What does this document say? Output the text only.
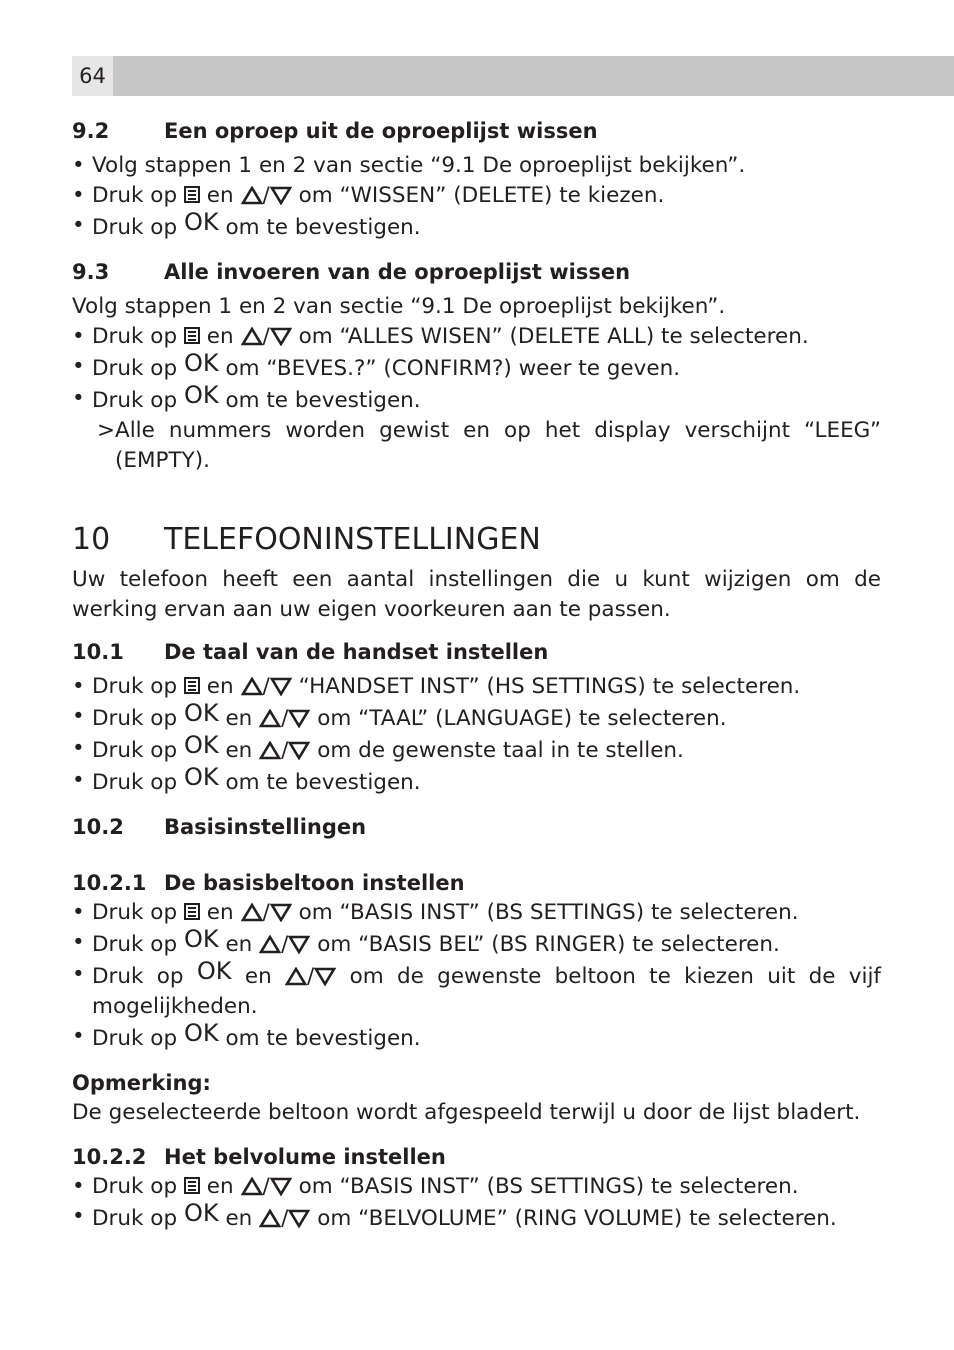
64
9.2	Een oproep uit de oproeplijst wissen
• Volg stappen 1 en 2 van sectie “9.1 De oproeplijst bekijken”.
• Druk op en / om “WISSEN” (DELETE) te kiezen.
• Druk op OK om te bevestigen.
9.3	Alle invoeren van de oproeplijst wissen

Volg stappen 1 en 2 van sectie “9.1 De oproeplijst bekijken”.

• Druk op en / om “ALLES WISEN” (DELETE ALL) te selecteren.
• Druk op OK om “BEVES.?” (CONFIRM?) weer te geven.
• Druk op OK om te bevestigen.
> Alle nummers worden gewist en op het display verschijnt “LEEG” (EMPTY).
10 TELEFOONINSTELLINGEN

Uw telefoon heeft een aantal instellingen die u kunt wijzigen om de werking ervan aan uw eigen voorkeuren aan te passen.

10.1 De taal van de handset instellen
• Druk op en / “HANDSET INST” (HS SETTINGS) te selecteren.
• Druk op OK en / om “TAAL” (LANGUAGE) te selecteren.
• Druk op OK en / om de gewenste taal in te stellen.
• Druk op OK om te bevestigen.
10.2 Basisinstellingen
10.2.1 De basisbeltoon instellen
• Druk op en / om “BASIS INST” (BS SETTINGS) te selecteren.
• Druk op OK en / om “BASIS BEL” (BS RINGER) te selecteren.
• Druk op OK en / om de gewenste beltoon te kiezen uit de vijf mogelijkheden.
• Druk op OK om te bevestigen.
Opmerking:

De geselecteerde beltoon wordt afgespeeld terwijl u door de lijst bladert.

10.2.2 Het belvolume instellen
• Druk op en / om “BASIS INST” (BS SETTINGS) te selecteren.
• Druk op OK en / om “BELVOLUME” (RING VOLUME) te selecteren.
